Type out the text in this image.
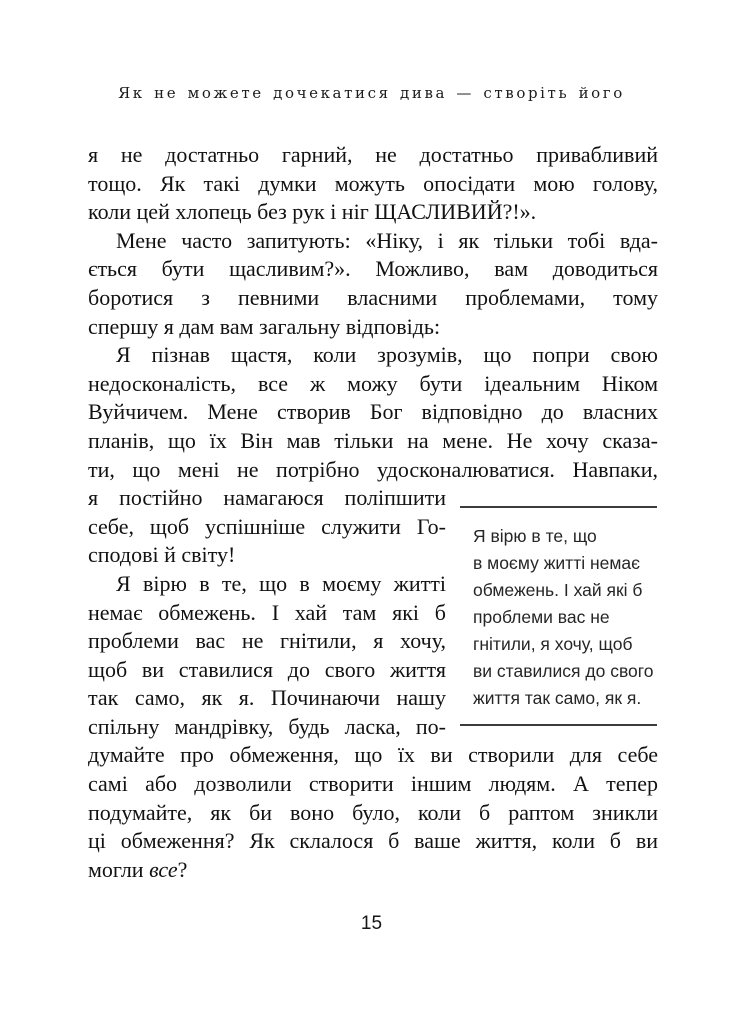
Як не можете дочекатися дива — створіть його
я не достатньо гарний, не достатньо привабливий
тощо. Як такі думки можуть опосідати мою голову,
коли цей хлопець без рук і ніг ЩАСЛИВИЙ?!».
Мене часто запитують: «Ніку, і як тільки тобі вда-
ється бути щасливим?». Можливо, вам доводиться
боротися з певними власними проблемами, тому
спершу я дам вам загальну відповідь:
Я пізнав щастя, коли зрозумів, що попри свою
недосконалість, все ж можу бути ідеальним Ніком
Вуйчичем. Мене створив Бог відповідно до власних
планів, що їх Він мав тільки на мене. Не хочу сказа-
ти, що мені не потрібно удосконалюватися. Навпаки,
я постійно намагаюся поліпшити
себе, щоб успішніше служити Го-
сподові й світу!
Я вірю в те, що в моєму житті
немає обмежень. І хай там які б
проблеми вас не гнітили, я хочу,
щоб ви ставилися до свого життя
так само, як я. Починаючи нашу
спільну мандрівку, будь ласка, по-
Я вірю в те, що
в моєму житті немає
обмежень. І хай які б
проблеми вас не
гнітили, я хочу, щоб
ви ставилися до свого
життя так само, як я.
думайте про обмеження, що їх ви створили для себе
самі або дозволили створити іншим людям. А тепер
подумайте, як би воно було, коли б раптом зникли
ці обмеження? Як склалося б ваше життя, коли б ви
могли все?
15
